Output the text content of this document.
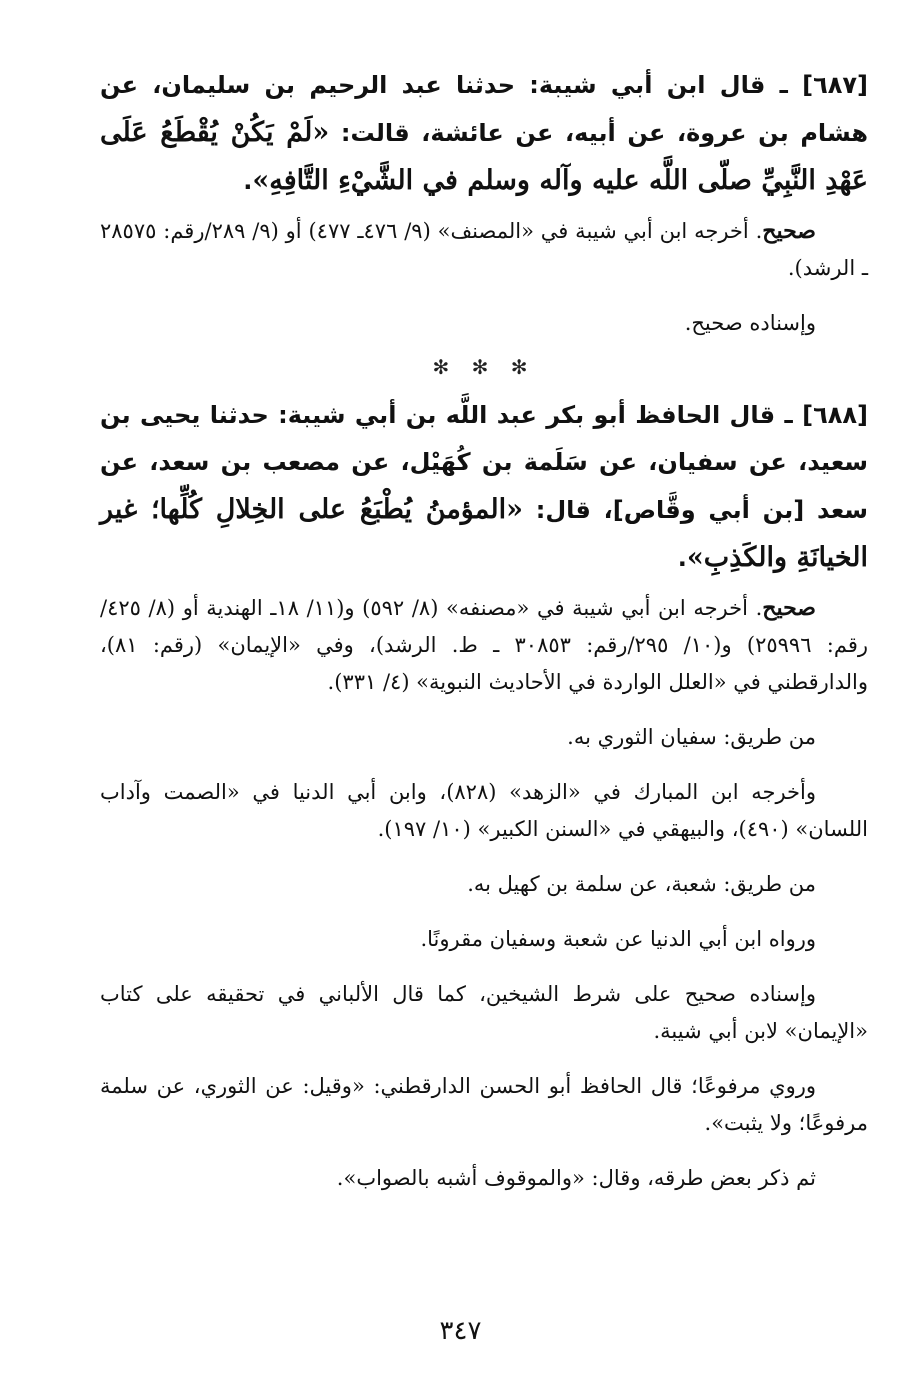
[٦٨٧] ـ قال ابن أبي شيبة: حدثنا عبد الرحيم بن سليمان، عن هشام بن عروة، عن أبيه، عن عائشة، قالت: «لَمْ يَكُنْ يُقْطَعُ عَلَى عَهْدِ النَّبِيِّ صلّى اللَّه عليه وآله وسلم في الشَّيْءِ التَّافِهِ».

صحيح. أخرجه ابن أبي شيبة في «المصنف» (٩/ ٤٧٦ـ ٤٧٧) أو (٩/ ٢٨٩/رقم: ٢٨٥٧٥ ـ الرشد).

وإسناده صحيح.

✻ ✻ ✻

[٦٨٨] ـ قال الحافظ أبو بكر عبد اللَّه بن أبي شيبة: حدثنا يحيى بن سعيد، عن سفيان، عن سَلَمة بن كُهَيْل، عن مصعب بن سعد، عن سعد [بن أبي وقَّاص]، قال: «المؤمنُ يُطْبَعُ على الخِلالِ كُلِّها؛ غير الخيانَةِ والكَذِبِ».

صحيح. أخرجه ابن أبي شيبة في «مصنفه» (٨/ ٥٩٢) و(١١/ ١٨ـ الهندية أو (٨/ ٤٢٥/رقم: ٢٥٩٩٦) و(١٠/ ٢٩٥/رقم: ٣٠٨٥٣ ـ ط. الرشد)، وفي «الإيمان» (رقم: ٨١)، والدارقطني في «العلل الواردة في الأحاديث النبوية» (٤/ ٣٣١).

من طريق: سفيان الثوري به.

وأخرجه ابن المبارك في «الزهد» (٨٢٨)، وابن أبي الدنيا في «الصمت وآداب اللسان» (٤٩٠)، والبيهقي في «السنن الكبير» (١٠/ ١٩٧).

من طريق: شعبة، عن سلمة بن كهيل به.

ورواه ابن أبي الدنيا عن شعبة وسفيان مقرونًا.

وإسناده صحيح على شرط الشيخين، كما قال الألباني في تحقيقه على كتاب «الإيمان» لابن أبي شيبة.

وروي مرفوعًا؛ قال الحافظ أبو الحسن الدارقطني: «وقيل: عن الثوري، عن سلمة مرفوعًا؛ ولا يثبت».

ثم ذكر بعض طرقه، وقال: «والموقوف أشبه بالصواب».

٣٤٧
